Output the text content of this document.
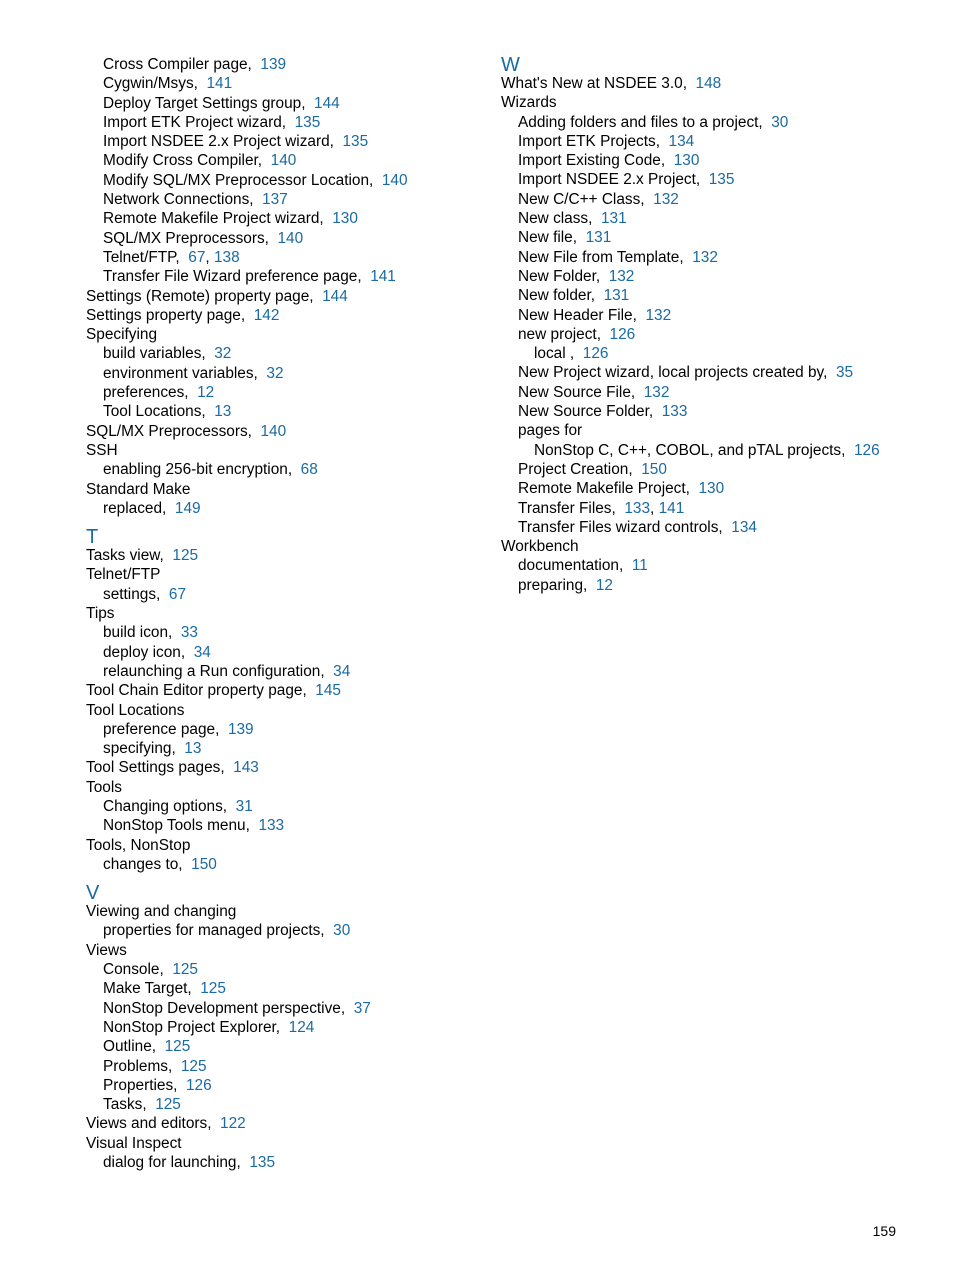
Cross Compiler page, 139
Cygwin/Msys, 141
Deploy Target Settings group, 144
Import ETK Project wizard, 135
Import NSDEE 2.x Project wizard, 135
Modify Cross Compiler, 140
Modify SQL/MX Preprocessor Location, 140
Network Connections, 137
Remote Makefile Project wizard, 130
SQL/MX Preprocessors, 140
Telnet/FTP, 67, 138
Transfer File Wizard preference page, 141
Settings (Remote) property page, 144
Settings property page, 142
Specifying
build variables, 32
environment variables, 32
preferences, 12
Tool Locations, 13
SQL/MX Preprocessors, 140
SSH
enabling 256-bit encryption, 68
Standard Make
replaced, 149
T
Tasks view, 125
Telnet/FTP
settings, 67
Tips
build icon, 33
deploy icon, 34
relaunching a Run configuration, 34
Tool Chain Editor property page, 145
Tool Locations
preference page, 139
specifying, 13
Tool Settings pages, 143
Tools
Changing options, 31
NonStop Tools menu, 133
Tools, NonStop
changes to, 150
V
Viewing and changing
properties for managed projects, 30
Views
Console, 125
Make Target, 125
NonStop Development perspective, 37
NonStop Project Explorer, 124
Outline, 125
Problems, 125
Properties, 126
Tasks, 125
Views and editors, 122
Visual Inspect
dialog for launching, 135
W
What's New at NSDEE 3.0, 148
Wizards
Adding folders and files to a project, 30
Import ETK Projects, 134
Import Existing Code, 130
Import NSDEE 2.x Project, 135
New C/C++ Class, 132
New class, 131
New file, 131
New File from Template, 132
New Folder, 132
New folder, 131
New Header File, 132
new project, 126
local , 126
New Project wizard, local projects created by, 35
New Source File, 132
New Source Folder, 133
pages for
NonStop C, C++, COBOL, and pTAL projects, 126
Project Creation, 150
Remote Makefile Project, 130
Transfer Files, 133, 141
Transfer Files wizard controls, 134
Workbench
documentation, 11
preparing, 12
159
